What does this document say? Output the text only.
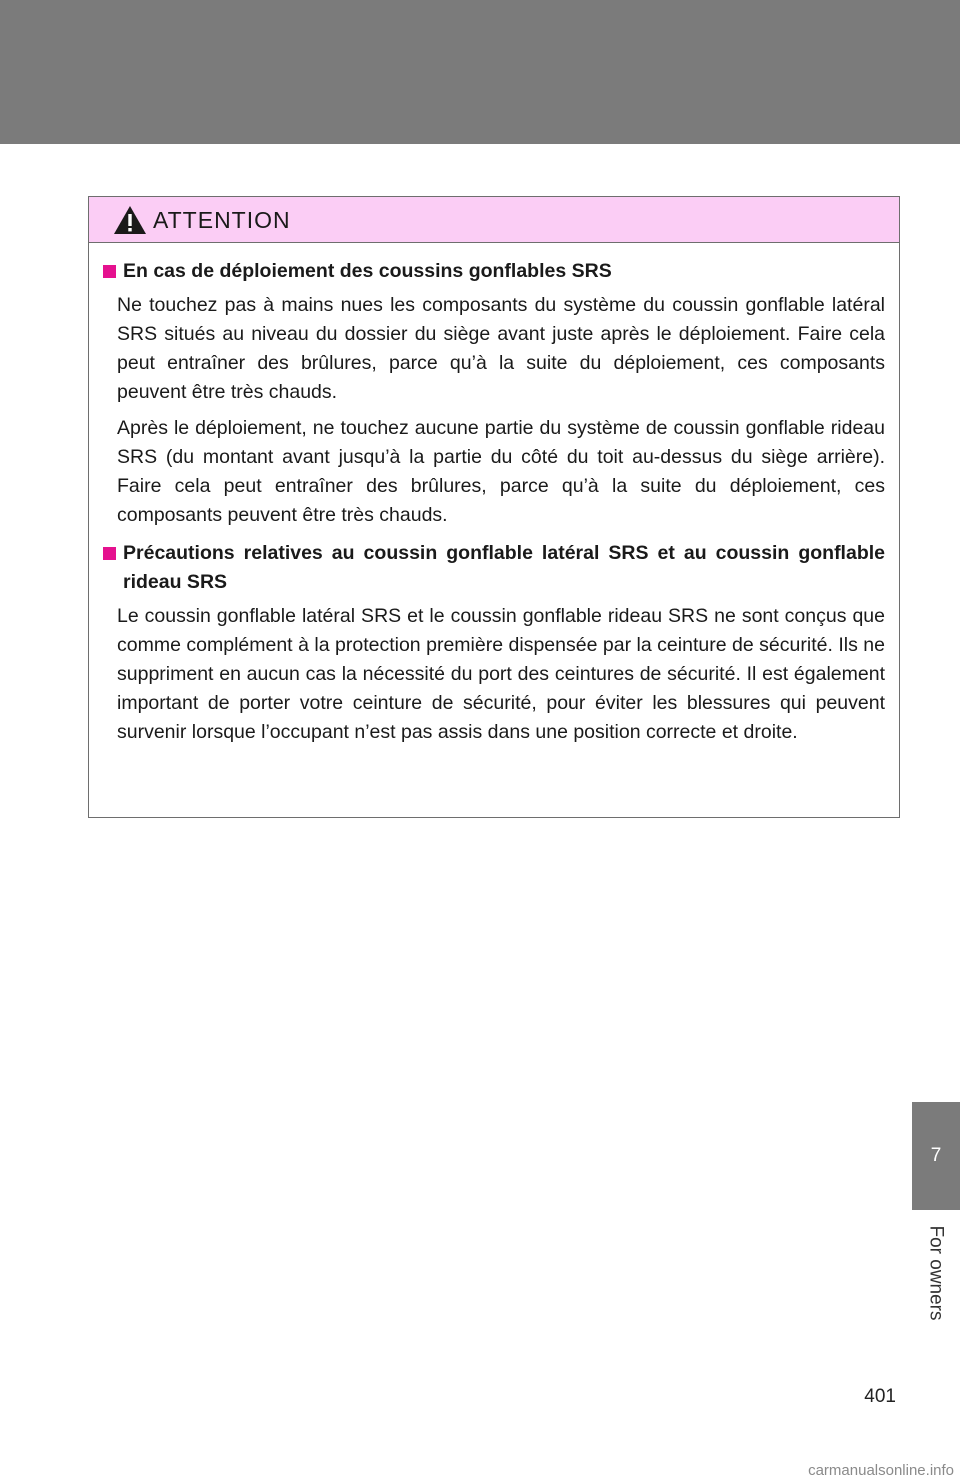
ATTENTION
En cas de déploiement des coussins gonflables SRS

Ne touchez pas à mains nues les composants du système du coussin gonflable latéral SRS situés au niveau du dossier du siège avant juste après le déploiement. Faire cela peut entraîner des brûlures, parce qu’à la suite du déploiement, ces composants peuvent être très chauds.

Après le déploiement, ne touchez aucune partie du système de coussin gonflable rideau SRS (du montant avant jusqu’à la partie du côté du toit au-dessus du siège arrière). Faire cela peut entraîner des brûlures, parce qu’à la suite du déploiement, ces composants peuvent être très chauds.

Précautions relatives au coussin gonflable latéral SRS et au coussin gonflable rideau SRS

Le coussin gonflable latéral SRS et le coussin gonflable rideau SRS ne sont conçus que comme complément à la protection première dispensée par la ceinture de sécurité. Ils ne suppriment en aucun cas la nécessité du port des ceintures de sécurité. Il est également important de porter votre ceinture de sécurité, pour éviter les blessures qui peuvent survenir lorsque l’occupant n’est pas assis dans une position correcte et droite.

7
For owners
401
carmanualsonline.info
